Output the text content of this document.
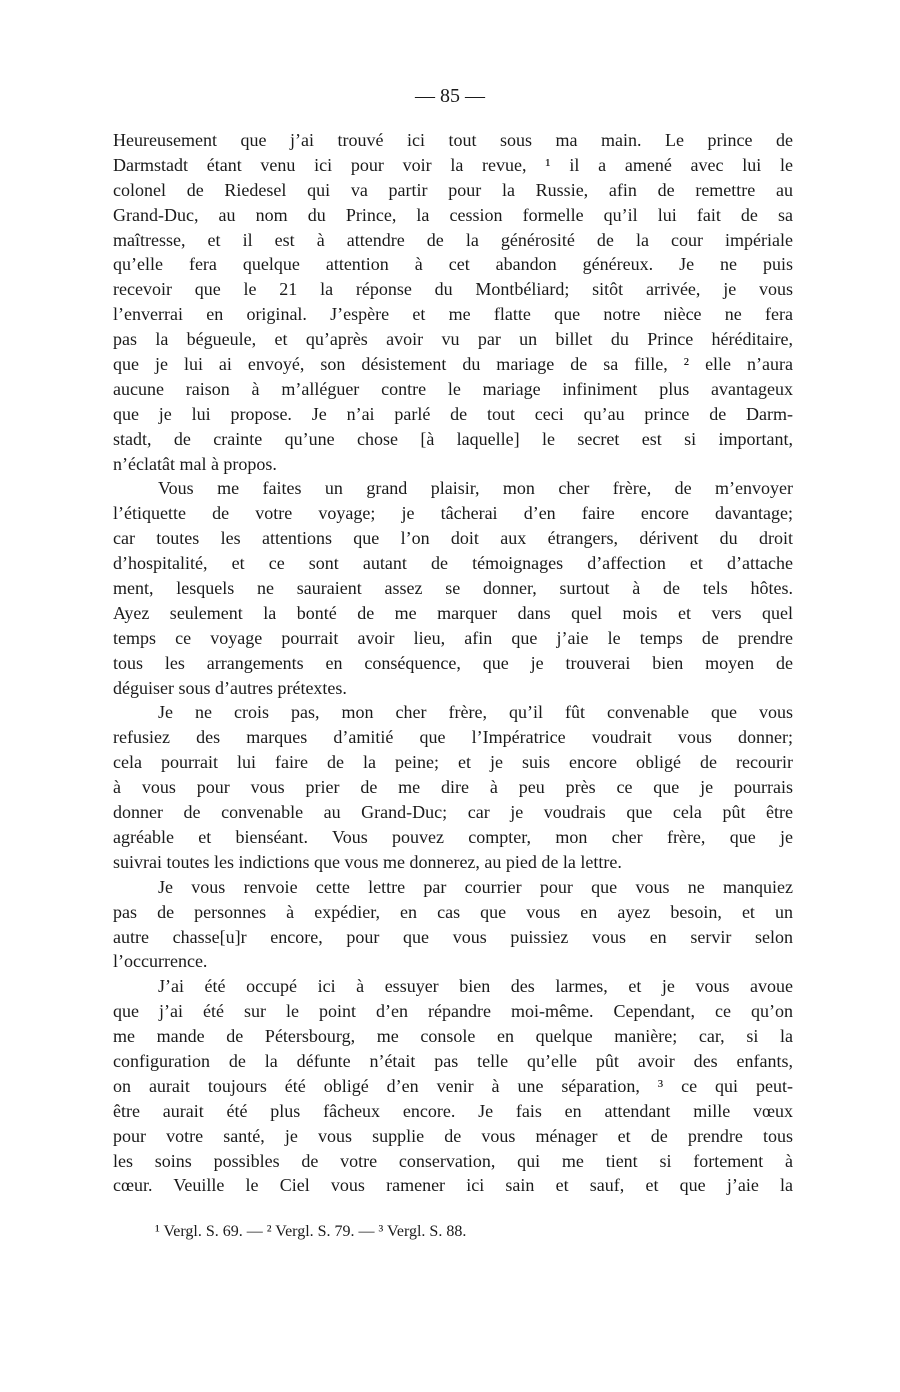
— 85 —
Heureusement que j’ai trouvé ici tout sous ma main. Le prince de
Darmstadt étant venu ici pour voir la revue, ¹ il a amené avec lui le
colonel de Riedesel qui va partir pour la Russie, afin de remettre au
Grand-Duc, au nom du Prince, la cession formelle qu’il lui fait de sa
maîtresse, et il est à attendre de la générosité de la cour impériale
qu’elle fera quelque attention à cet abandon généreux. Je ne puis
recevoir que le 21 la réponse du Montbéliard; sitôt arrivée, je vous
l’enverrai en original. J’espère et me flatte que notre nièce ne fera
pas la bégueule, et qu’après avoir vu par un billet du Prince héréditaire,
que je lui ai envoyé, son désistement du mariage de sa fille, ² elle n’aura
aucune raison à m’alléguer contre le mariage infiniment plus avantageux
que je lui propose. Je n’ai parlé de tout ceci qu’au prince de Darm-
stadt, de crainte qu’une chose [à laquelle] le secret est si important,
n’éclatât mal à propos.
Vous me faites un grand plaisir, mon cher frère, de m’envoyer
l’étiquette de votre voyage; je tâcherai d’en faire encore davantage;
car toutes les attentions que l’on doit aux étrangers, dérivent du droit
d’hospitalité, et ce sont autant de témoignages d’affection et d’attache
ment, lesquels ne sauraient assez se donner, surtout à de tels hôtes.
Ayez seulement la bonté de me marquer dans quel mois et vers quel
temps ce voyage pourrait avoir lieu, afin que j’aie le temps de prendre
tous les arrangements en conséquence, que je trouverai bien moyen de
déguiser sous d’autres prétextes.
Je ne crois pas, mon cher frère, qu’il fût convenable que vous
refusiez des marques d’amitié que l’Impératrice voudrait vous donner;
cela pourrait lui faire de la peine; et je suis encore obligé de recourir
à vous pour vous prier de me dire à peu près ce que je pourrais
donner de convenable au Grand-Duc; car je voudrais que cela pût être
agréable et bienséant. Vous pouvez compter, mon cher frère, que je
suivrai toutes les indictions que vous me donnerez, au pied de la lettre.
Je vous renvoie cette lettre par courrier pour que vous ne manquiez
pas de personnes à expédier, en cas que vous en ayez besoin, et un
autre chasse[u]r encore, pour que vous puissiez vous en servir selon
l’occurrence.
J’ai été occupé ici à essuyer bien des larmes, et je vous avoue
que j’ai été sur le point d’en répandre moi-même. Cependant, ce qu’on
me mande de Pétersbourg, me console en quelque manière; car, si la
configuration de la défunte n’était pas telle qu’elle pût avoir des enfants,
on aurait toujours été obligé d’en venir à une séparation, ³ ce qui peut-
être aurait été plus fâcheux encore. Je fais en attendant mille vœux
pour votre santé, je vous supplie de vous ménager et de prendre tous
les soins possibles de votre conservation, qui me tient si fortement à
cœur. Veuille le Ciel vous ramener ici sain et sauf, et que j’aie la
¹ Vergl. S. 69. — ² Vergl. S. 79. — ³ Vergl. S. 88.
